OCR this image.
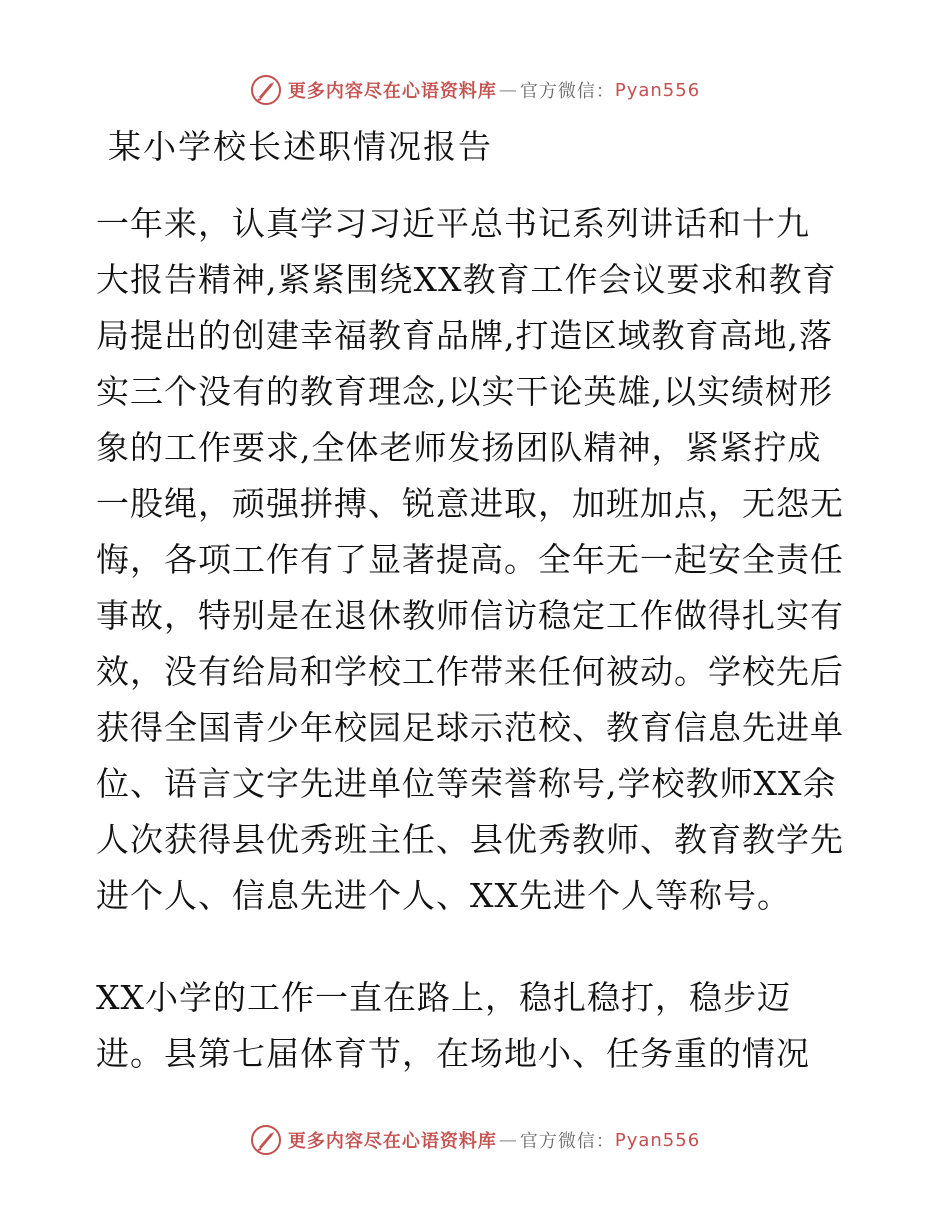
更多内容尽在心语资料库 — 官方微信： Pyan556
某小学校长述职情况报告
一年来，认真学习习近平总书记系列讲话和十九
大报告精神,紧紧围绕XX教育工作会议要求和教育
局提出的创建幸福教育品牌,打造区域教育高地,落
实三个没有的教育理念,以实干论英雄,以实绩树形
象的工作要求,全体老师发扬团队精神，紧紧拧成
一股绳，顽强拼搏、锐意进取，加班加点，无怨无
悔，各项工作有了显著提高。全年无一起安全责任
事故，特别是在退休教师信访稳定工作做得扎实有
效，没有给局和学校工作带来任何被动。学校先后
获得全国青少年校园足球示范校、教育信息先进单
位、语言文字先进单位等荣誉称号,学校教师XX余
人次获得县优秀班主任、县优秀教师、教育教学先
进个人、信息先进个人、XX先进个人等称号。
XX小学的工作一直在路上，稳扎稳打，稳步迈
进。县第七届体育节，在场地小、任务重的情况
更多内容尽在心语资料库 — 官方微信： Pyan556
